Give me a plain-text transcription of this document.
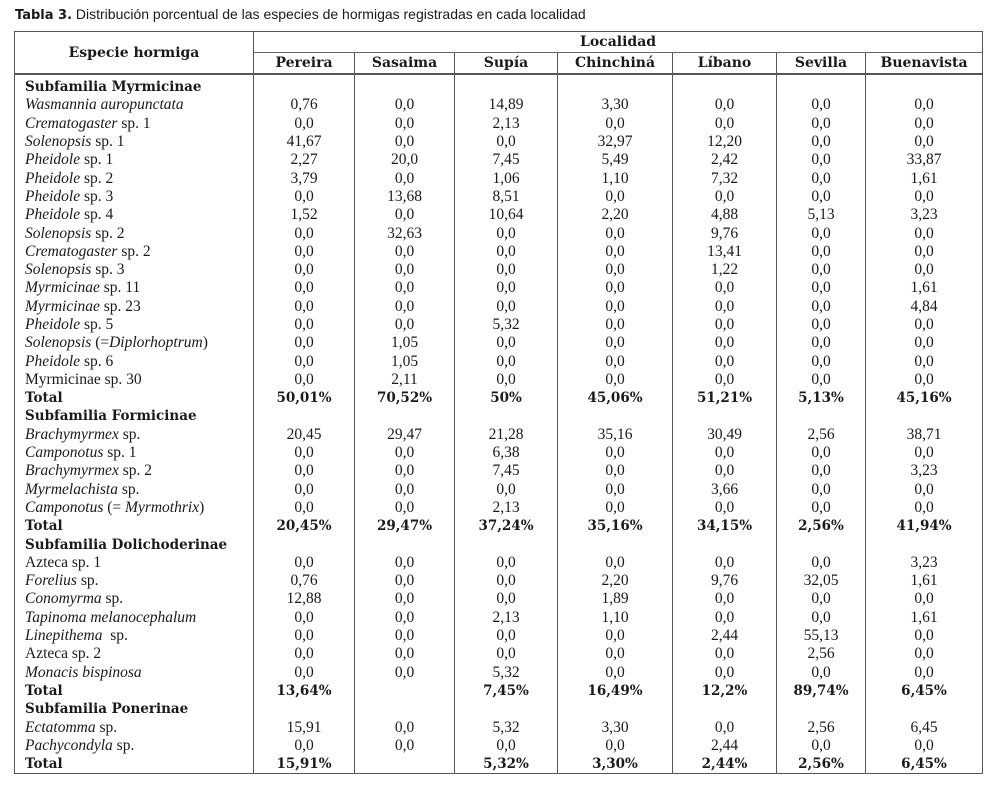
Tabla 3. Distribución porcentual de las especies de hormigas registradas en cada localidad
Especie hormiga	Localidad						
	Pereira	Sasaima	Supía	Chinchiná	Líbano	Sevilla	Buenavista
Subfamilia Myrmicinae							
Wasmannia auropunctata	0,76	0,0	14,89	3,30	0,0	0,0	0,0
Crematogaster sp. 1	0,0	0,0	2,13	0,0	0,0	0,0	0,0
Solenopsis sp. 1	41,67	0,0	0,0	32,97	12,20	0,0	0,0
Pheidole sp. 1	2,27	20,0	7,45	5,49	2,42	0,0	33,87
Pheidole sp. 2	3,79	0,0	1,06	1,10	7,32	0,0	1,61
Pheidole sp. 3	0,0	13,68	8,51	0,0	0,0	0,0	0,0
Pheidole sp. 4	1,52	0,0	10,64	2,20	4,88	5,13	3,23
Solenopsis sp. 2	0,0	32,63	0,0	0,0	9,76	0,0	0,0
Crematogaster sp. 2	0,0	0,0	0,0	0,0	13,41	0,0	0,0
Solenopsis sp. 3	0,0	0,0	0,0	0,0	1,22	0,0	0,0
Myrmicinae sp. 11	0,0	0,0	0,0	0,0	0,0	0,0	1,61
Myrmicinae sp. 23	0,0	0,0	0,0	0,0	0,0	0,0	4,84
Pheidole sp. 5	0,0	0,0	5,32	0,0	0,0	0,0	0,0
Solenopsis (=Diplorhoptrum)	0,0	1,05	0,0	0,0	0,0	0,0	0,0
Pheidole sp. 6	0,0	1,05	0,0	0,0	0,0	0,0	0,0
Myrmicinae sp. 30	0,0	2,11	0,0	0,0	0,0	0,0	0,0
Total	50,01%	70,52%	50%	45,06%	51,21%	5,13%	45,16%
Subfamilia Formicinae							
Brachymyrmex sp.	20,45	29,47	21,28	35,16	30,49	2,56	38,71
Camponotus sp. 1	0,0	0,0	6,38	0,0	0,0	0,0	0,0
Brachymyrmex sp. 2	0,0	0,0	7,45	0,0	0,0	0,0	3,23
Myrmelachista sp.	0,0	0,0	0,0	0,0	3,66	0,0	0,0
Camponotus (= Myrmothrix)	0,0	0,0	2,13	0,0	0,0	0,0	0,0
Total	20,45%	29,47%	37,24%	35,16%	34,15%	2,56%	41,94%
Subfamilia Dolichoderinae							
Azteca sp. 1	0,0	0,0	0,0	0,0	0,0	0,0	3,23
Forelius sp.	0,76	0,0	0,0	2,20	9,76	32,05	1,61
Conomyrma sp.	12,88	0,0	0,0	1,89	0,0	0,0	0,0
Tapinoma melanocephalum	0,0	0,0	2,13	1,10	0,0	0,0	1,61
Linepithema  sp.	0,0	0,0	0,0	0,0	2,44	55,13	0,0
Azteca sp. 2	0,0	0,0	0,0	0,0	0,0	2,56	0,0
Monacis bispinosa	0,0	0,0	5,32	0,0	0,0	0,0	0,0
Total	13,64%		7,45%	16,49%	12,2%	89,74%	6,45%
Subfamilia Ponerinae							
Ectatomma sp.	15,91	0,0	5,32	3,30	0,0	2,56	6,45
Pachycondyla sp.	0,0	0,0	0,0	0,0	2,44	0,0	0,0
Total	15,91%		5,32%	3,30%	2,44%	2,56%	6,45%
